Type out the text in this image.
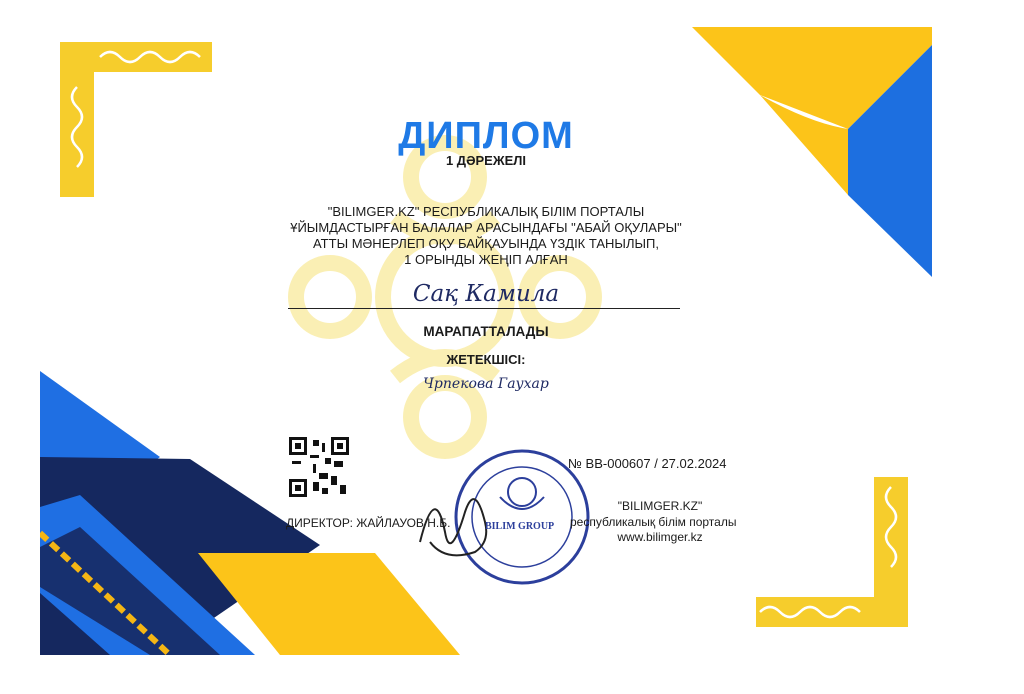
ДИПЛОМ
1 ДӘРЕЖЕЛІ
"BILIMGER.KZ" РЕСПУБЛИКАЛЫҚ БІЛІМ ПОРТАЛЫ
ҰЙЫМДАСТЫРҒАН БАЛАЛАР АРАСЫНДАҒЫ "АБАЙ ОҚУЛАРЫ"
АТТЫ МӘНЕРЛЕП ОҚУ БАЙҚАУЫНДА ҮЗДІК ТАНЫЛЫП,
1 ОРЫНДЫ ЖЕҢІП АЛҒАН
Сақ Камила
МАРАПАТТАЛАДЫ
ЖЕТЕКШІСІ:
Чрпекова Гаухар
№ BB-000607 / 27.02.2024
ДИРЕКТОР: ЖАЙЛАУОВ Н.Б.
"BILIMGER.KZ"
республикалық білім порталы
www.bilimger.kz
BILIM GROUP
